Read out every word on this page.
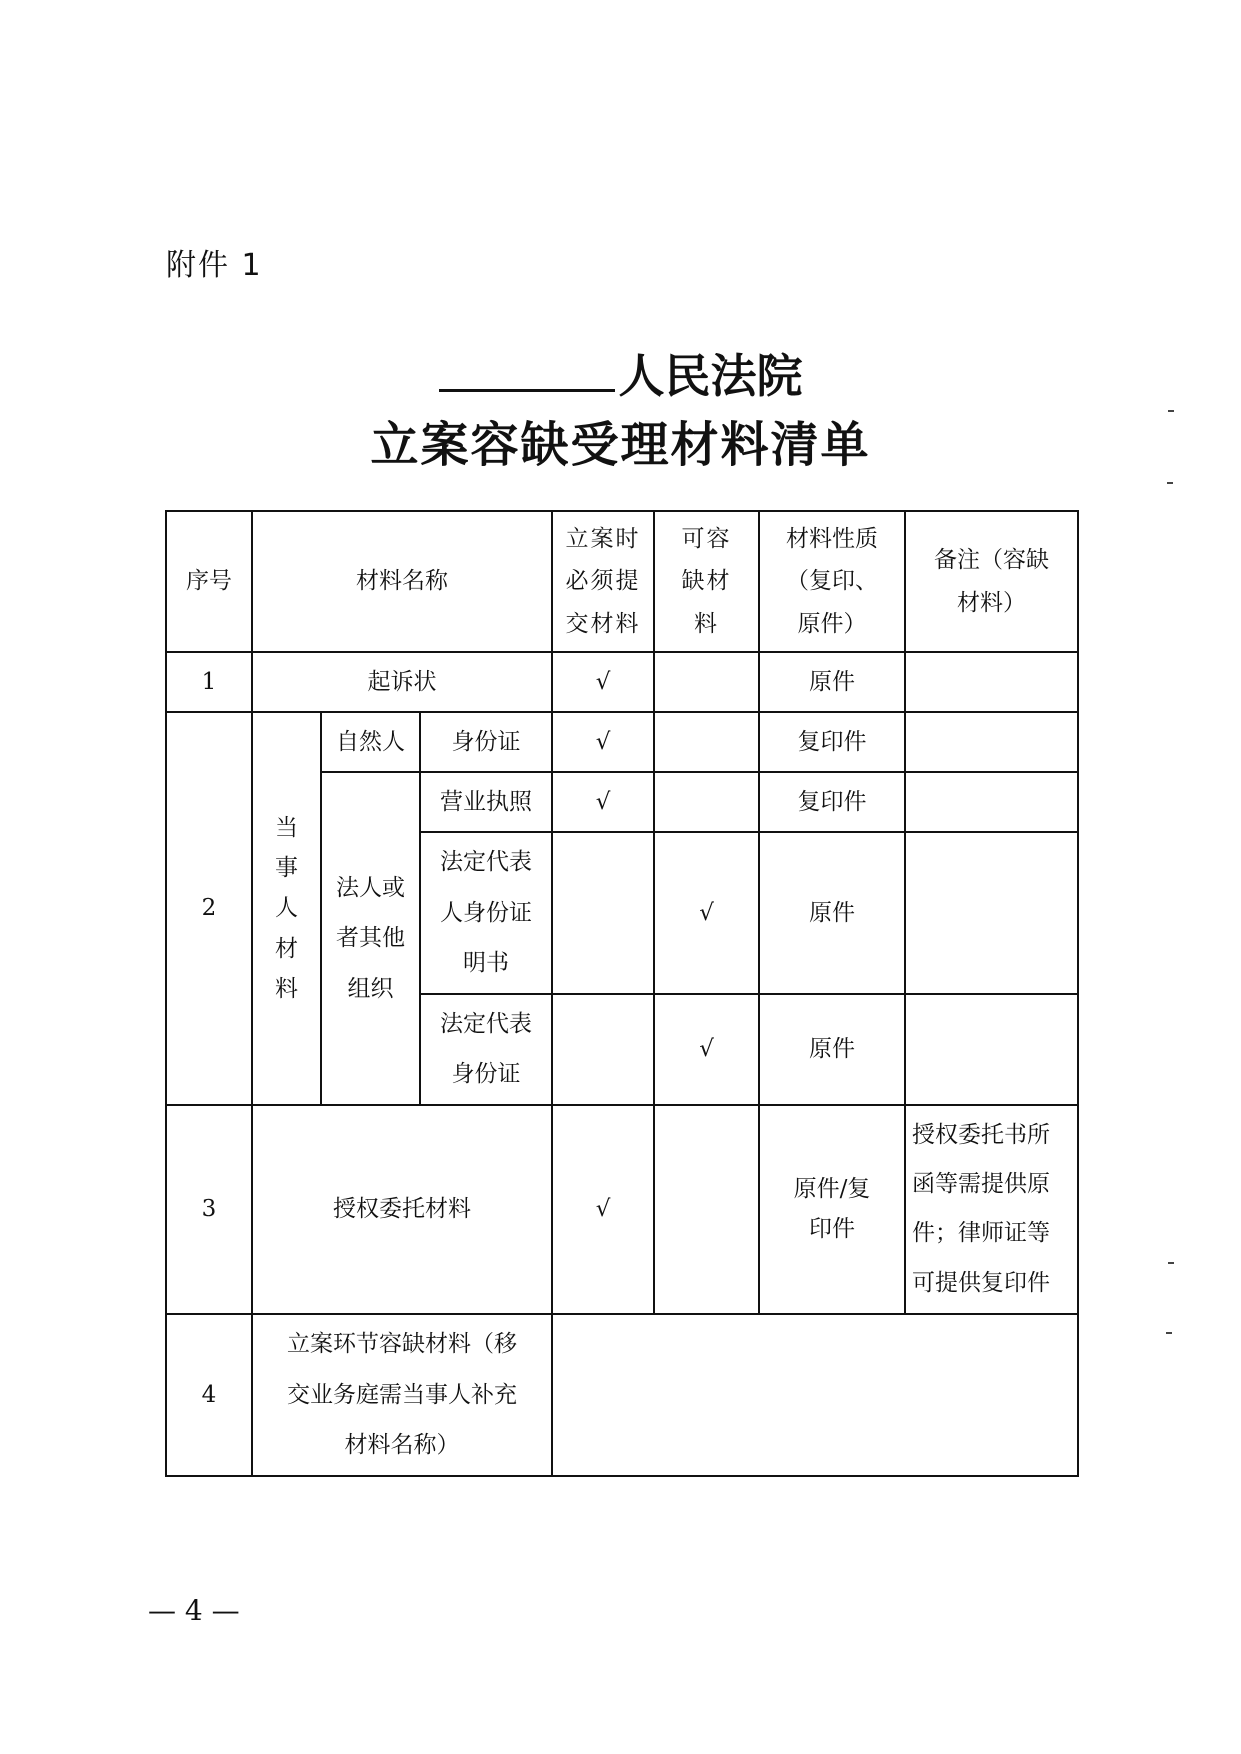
附件 1
人民法院
立案容缺受理材料清单
序号	材料名称			立案时必须提交材料	可容缺材料	材料性质（复印、原件）	备注（容缺材料）
1	起诉状			√		原件	
2	当事人材料	自然人	身份证	√		复印件	
		法人或者其他组织	营业执照	√		复印件	
			法定代表人身份证明书		√	原件	
			法定代表身份证		√	原件	
3	授权委托材料			√		原件/复印件	授权委托书所函等需提供原件；律师证等可提供复印件
4	立案环节容缺材料（移交业务庭需当事人补充材料名称）						
— 4 —
